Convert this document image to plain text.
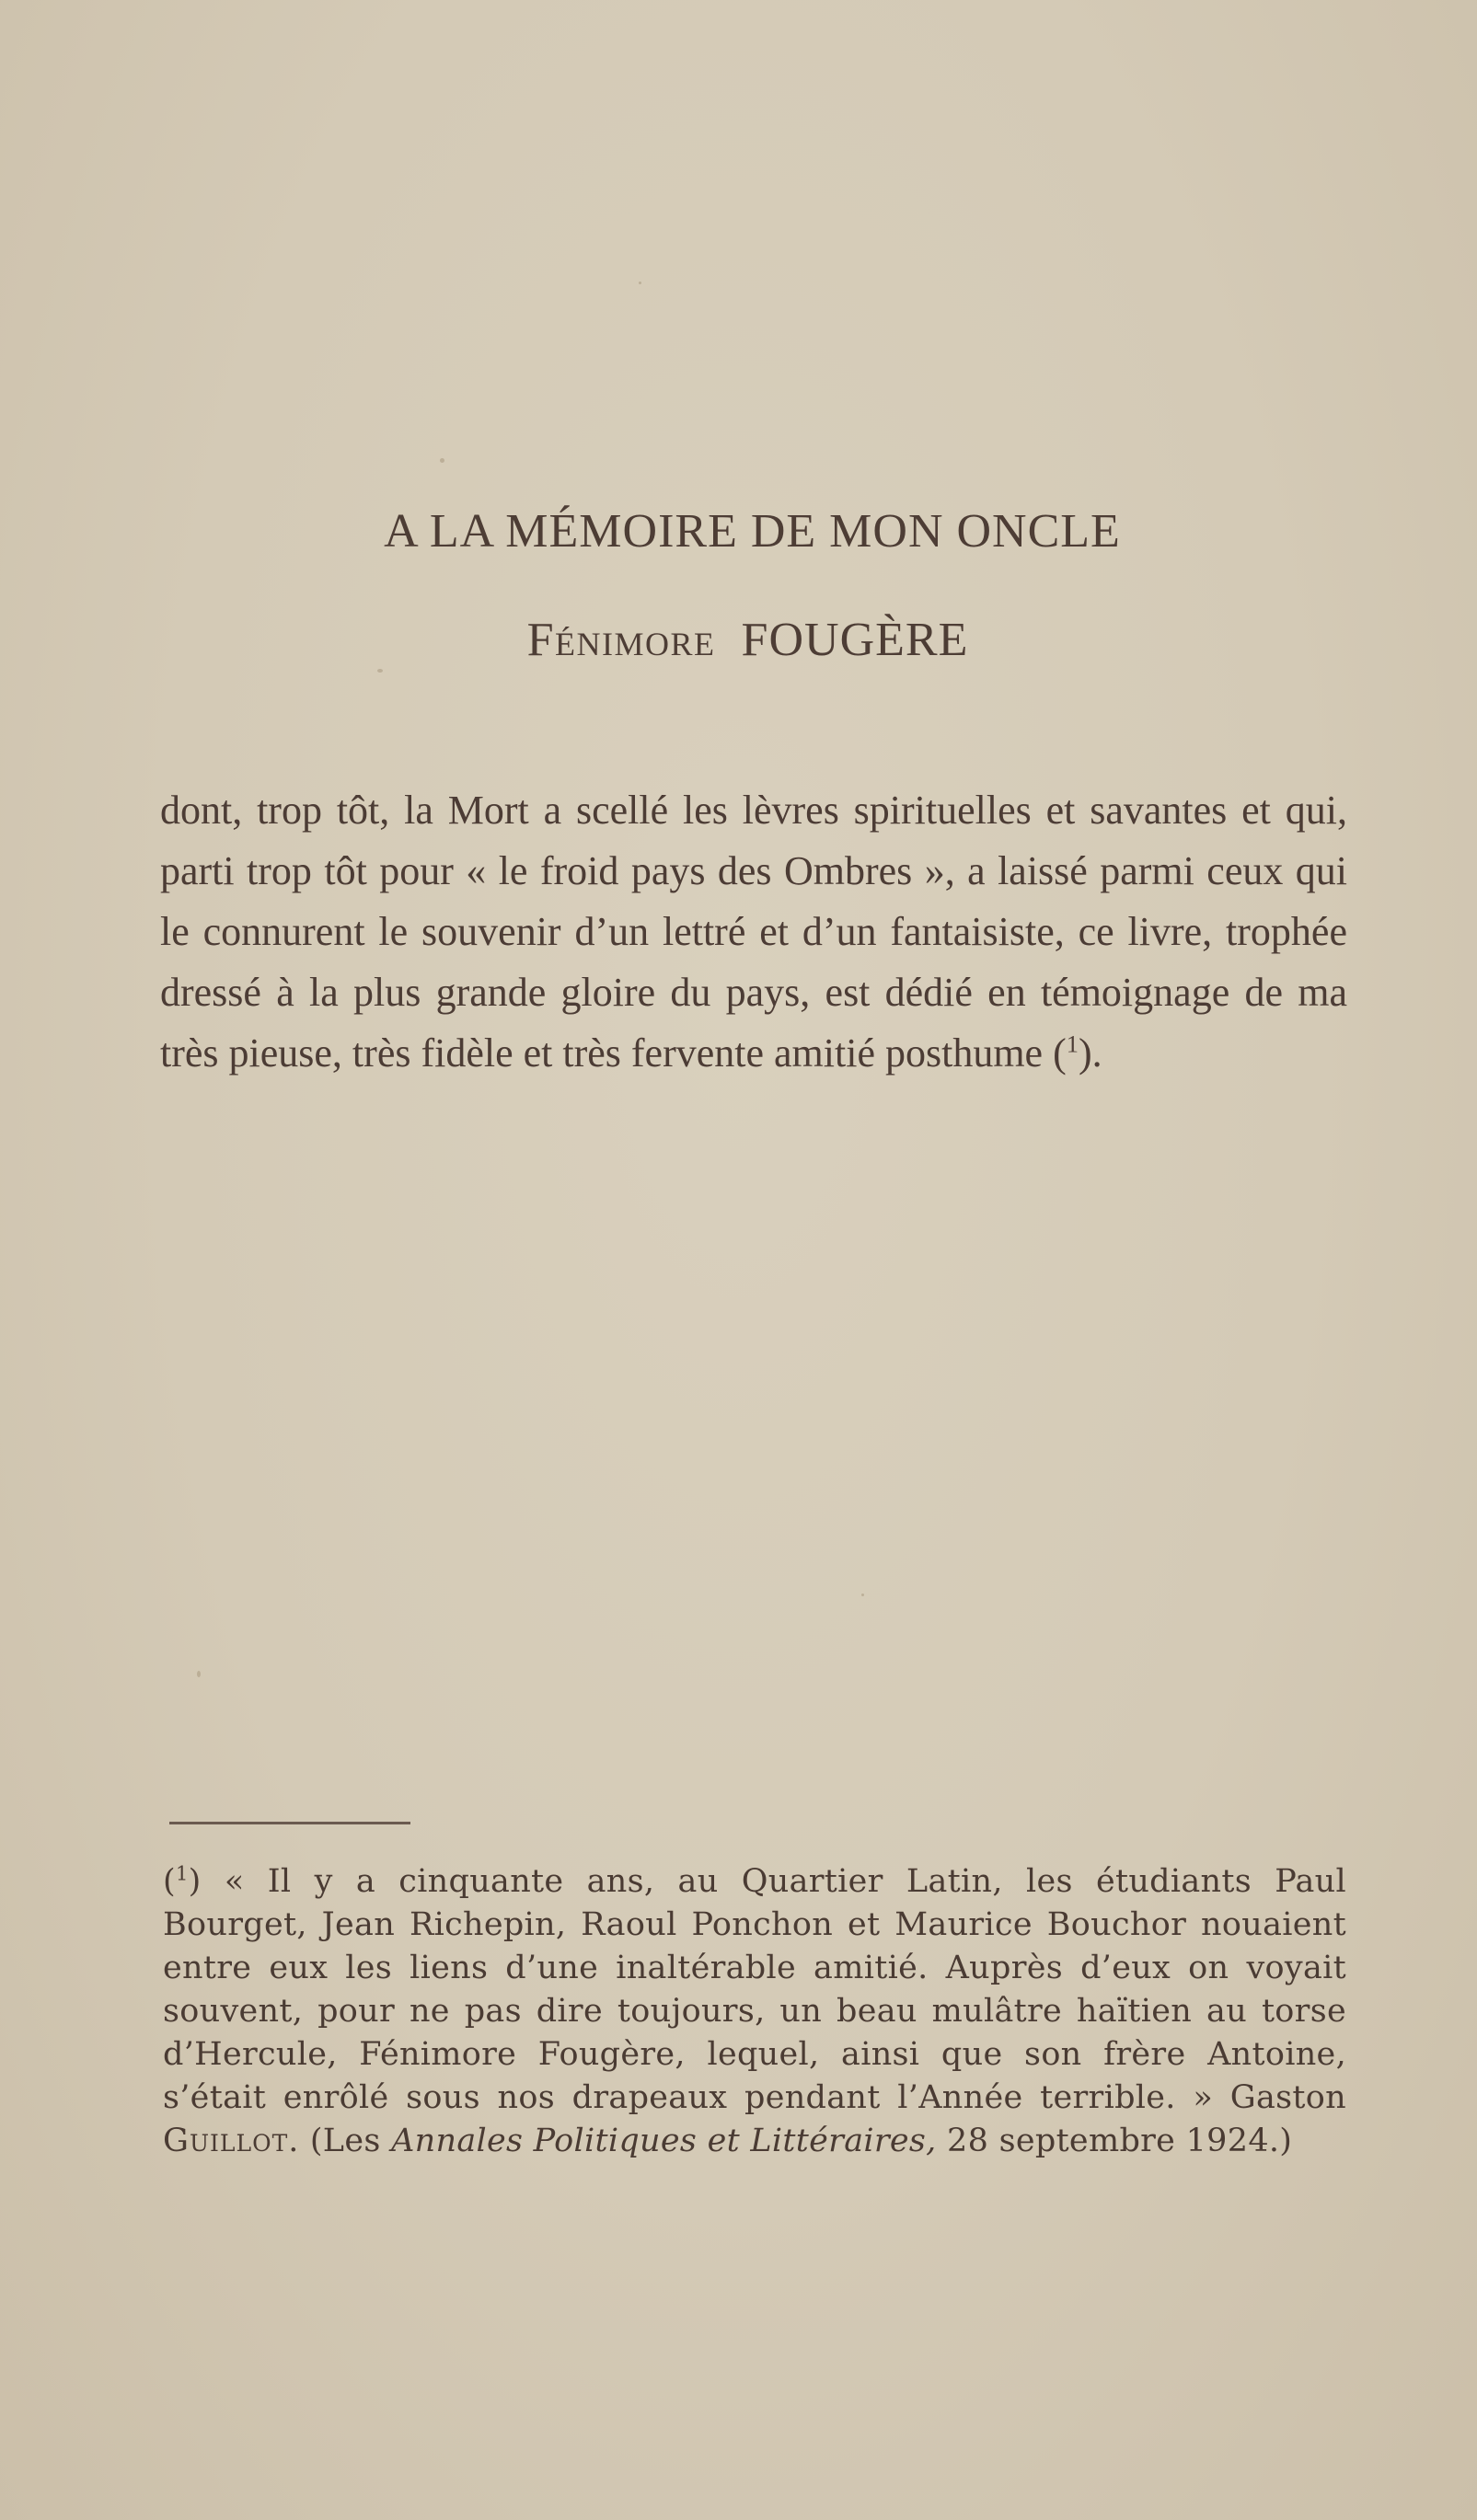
A LA MÉMOIRE DE MON ONCLE
Fénimore FOUGÈRE

dont, trop tôt, la Mort a scellé les lèvres spirituelles et savantes et qui, parti trop tôt pour « le froid pays des Ombres », a laissé parmi ceux qui le connurent le souvenir d’un lettré et d’un fantaisiste, ce livre, trophée dressé à la plus grande gloire du pays, est dédié en témoignage de ma très pieuse, très fidèle et très fervente amitié posthume ($^1$).

($^1$) « Il y a cinquante ans, au Quartier Latin, les étudiants Paul Bourget, Jean Richepin, Raoul Ponchon et Maurice Bouchor nouaient entre eux les liens d’une inaltérable amitié. Auprès d’eux on voyait souvent, pour ne pas dire toujours, un beau mulâtre haïtien au torse d’Hercule, Fénimore Fougère, lequel, ainsi que son frère Antoine, s’était enrôlé sous nos drapeaux pendant l’Année terrible. » Gaston Guillot. (Les Annales Politiques et Littéraires, 28 septembre 1924.)
